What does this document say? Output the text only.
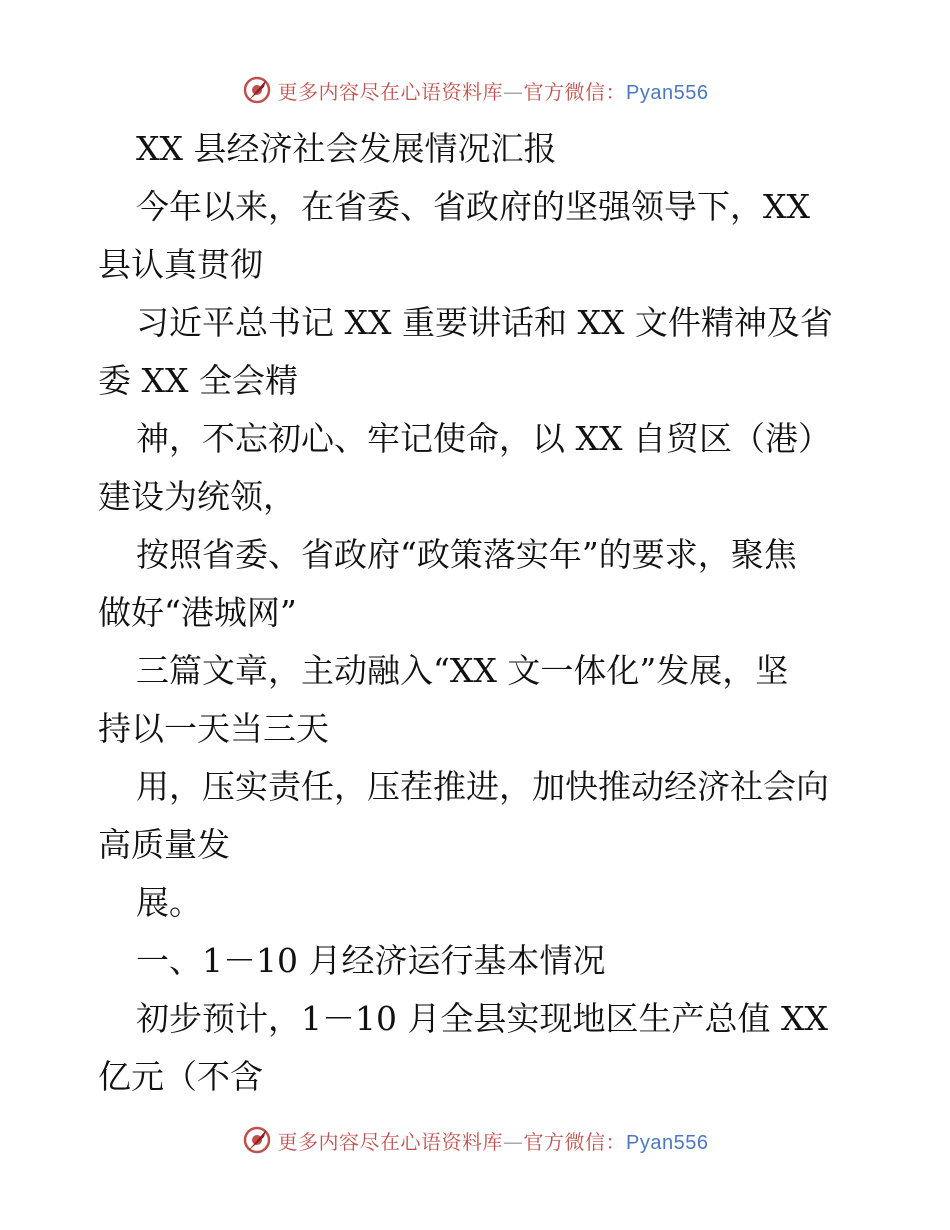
更多内容尽在心语资料库—官方微信：Pyan556

XX 县经济社会发展情况汇报

今年以来，在省委、省政府的坚强领导下，XX

县认真贯彻

习近平总书记 XX 重要讲话和 XX 文件精神及省

委 XX 全会精

神，不忘初心、牢记使命，以 XX 自贸区（港）

建设为统领，

按照省委、省政府“政策落实年”的要求，聚焦

做好“港城网”

三篇文章，主动融入“XX 文一体化”发展，坚

持以一天当三天

用，压实责任，压茬推进，加快推动经济社会向

高质量发

展。

一、1－10 月经济运行基本情况

初步预计，1－10 月全县实现地区生产总值 XX

亿元（不含

更多内容尽在心语资料库—官方微信：Pyan556
